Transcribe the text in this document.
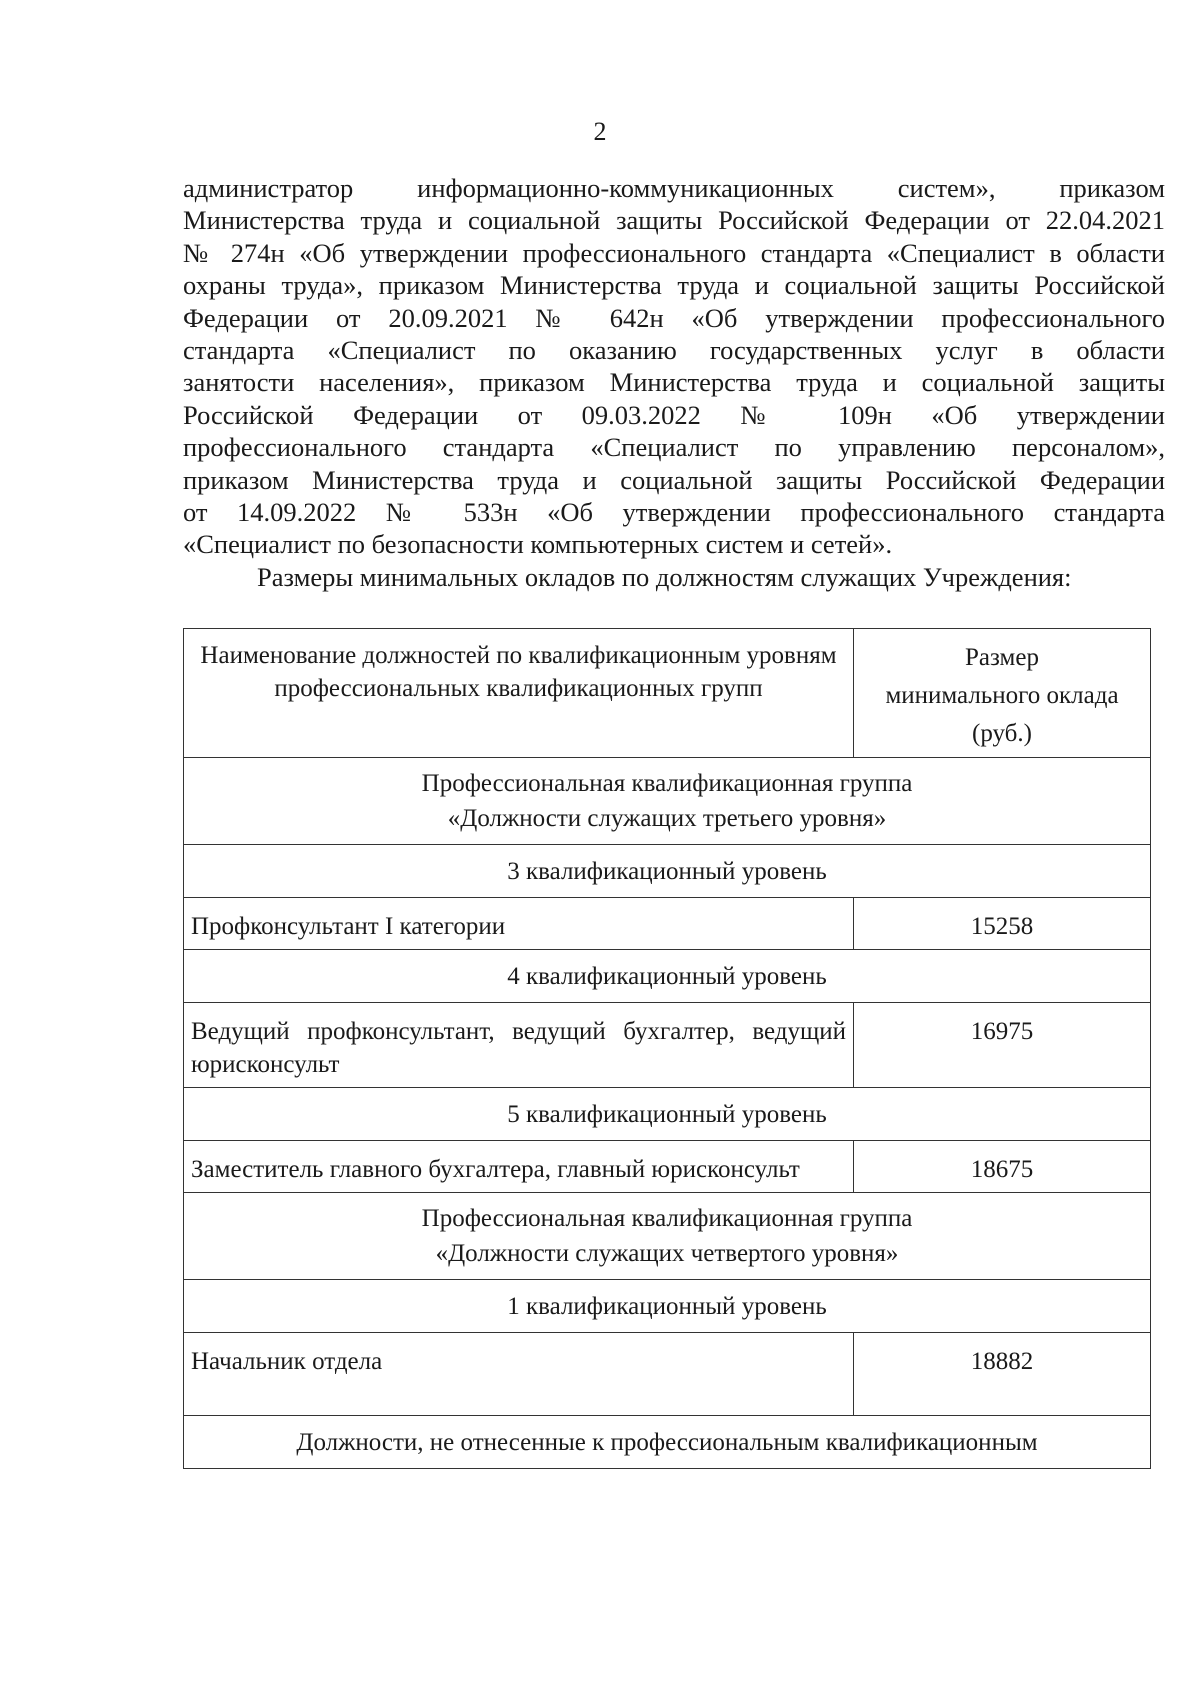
2

администратор информационно-коммуникационных систем», приказом

Министерства труда и социальной защиты Российской Федерации от 22.04.2021

№ 274н «Об утверждении профессионального стандарта «Специалист в области

охраны труда», приказом Министерства труда и социальной защиты Российской

Федерации от 20.09.2021 № 642н «Об утверждении профессионального

стандарта «Специалист по оказанию государственных услуг в области

занятости населения», приказом Министерства труда и социальной защиты

Российской Федерации от 09.03.2022 № 109н «Об утверждении

профессионального стандарта «Специалист по управлению персоналом»,

приказом Министерства труда и социальной защиты Российской Федерации

от 14.09.2022 № 533н «Об утверждении профессионального стандарта

«Специалист по безопасности компьютерных систем и сетей».

Размеры минимальных окладов по должностям служащих Учреждения:

Наименование должностей по квалификационным уровням профессиональных квалификационных групп	Размер
минимального оклада
(руб.)

Профессиональная квалификационная группа
«Должности служащих третьего уровня»	

3 квалификационный уровень	
Профконсультант I категории	15258
4 квалификационный уровень	
Ведущий профконсультант, ведущий бухгалтер, ведущий юрисконсульт	16975
5 квалификационный уровень	
Заместитель главного бухгалтера, главный юрисконсульт	18675

Профессиональная квалификационная группа
«Должности служащих четвертого уровня»	

1 квалификационный уровень	
Начальник отдела	18882
Должности, не отнесенные к профессиональным квалификационным	
